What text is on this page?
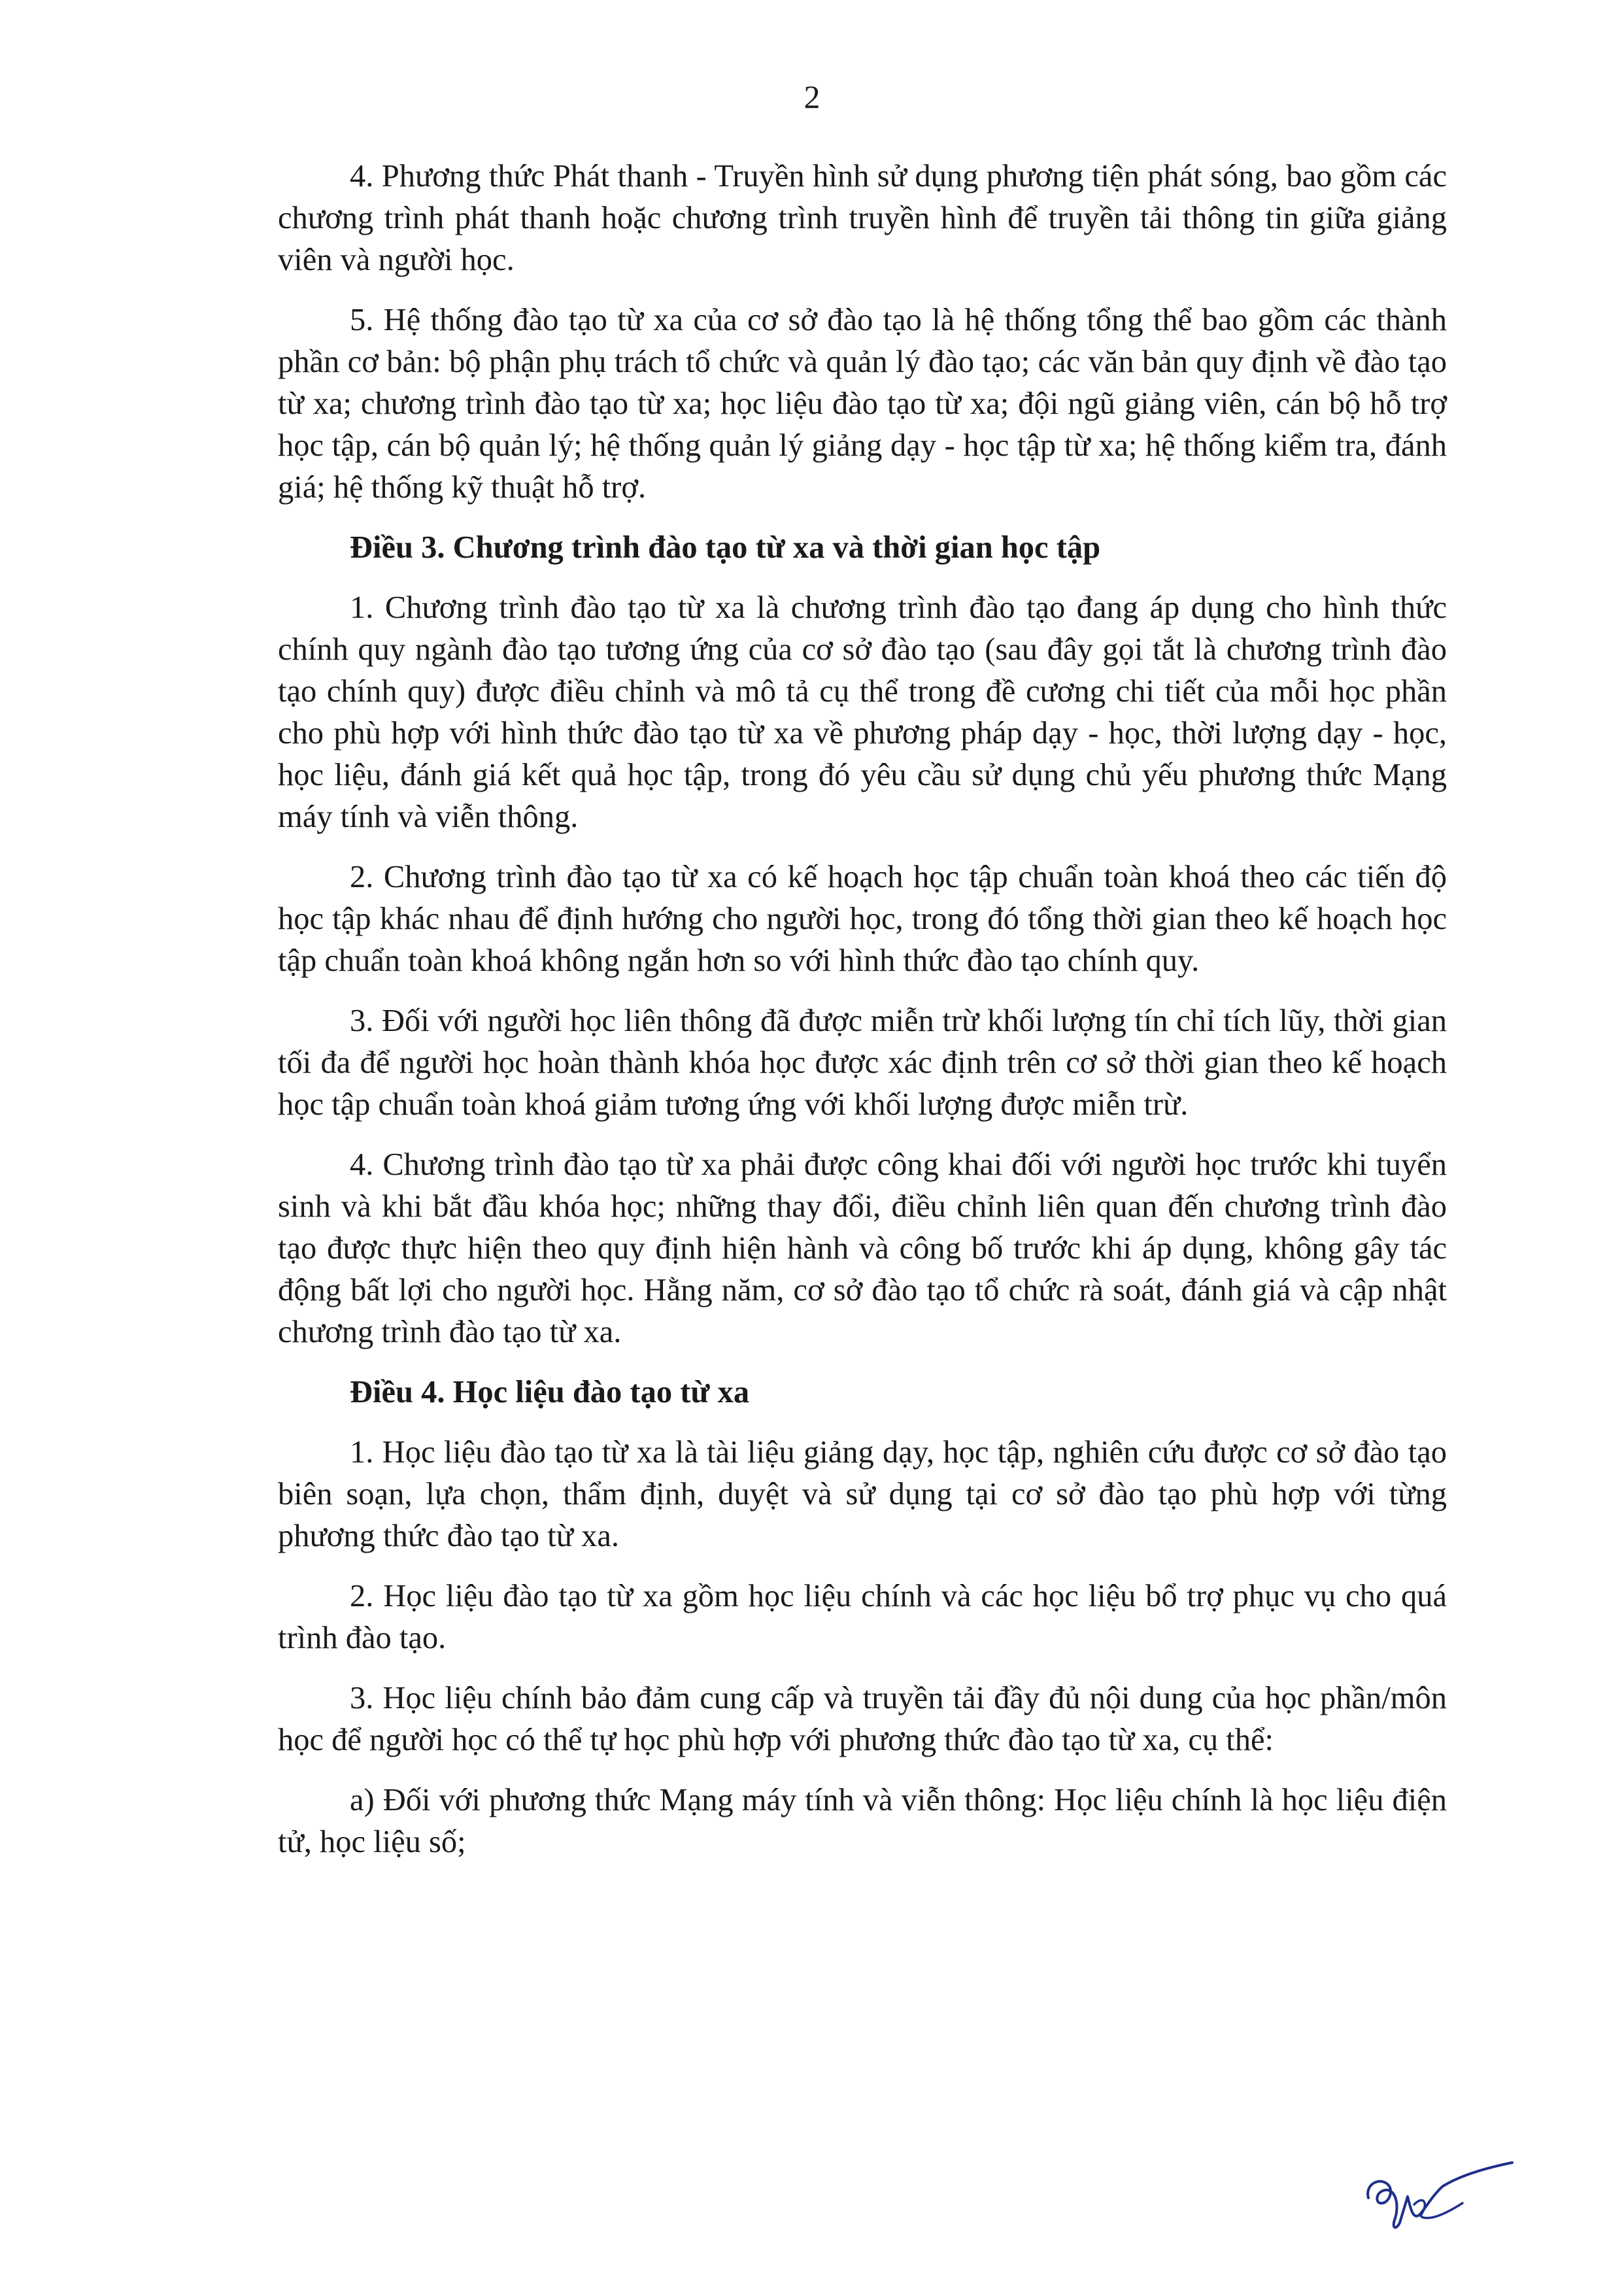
2

4. Phương thức Phát thanh - Truyền hình sử dụng phương tiện phát sóng, bao gồm các chương trình phát thanh hoặc chương trình truyền hình để truyền tải thông tin giữa giảng viên và người học.

5. Hệ thống đào tạo từ xa của cơ sở đào tạo là hệ thống tổng thể bao gồm các thành phần cơ bản: bộ phận phụ trách tổ chức và quản lý đào tạo; các văn bản quy định về đào tạo từ xa; chương trình đào tạo từ xa; học liệu đào tạo từ xa; đội ngũ giảng viên, cán bộ hỗ trợ học tập, cán bộ quản lý; hệ thống quản lý giảng dạy - học tập từ xa; hệ thống kiểm tra, đánh giá; hệ thống kỹ thuật hỗ trợ.

Điều 3. Chương trình đào tạo từ xa và thời gian học tập

1. Chương trình đào tạo từ xa là chương trình đào tạo đang áp dụng cho hình thức chính quy ngành đào tạo tương ứng của cơ sở đào tạo (sau đây gọi tắt là chương trình đào tạo chính quy) được điều chỉnh và mô tả cụ thể trong đề cương chi tiết của mỗi học phần cho phù hợp với hình thức đào tạo từ xa về phương pháp dạy - học, thời lượng dạy - học, học liệu, đánh giá kết quả học tập, trong đó yêu cầu sử dụng chủ yếu phương thức Mạng máy tính và viễn thông.

2. Chương trình đào tạo từ xa có kế hoạch học tập chuẩn toàn khoá theo các tiến độ học tập khác nhau để định hướng cho người học, trong đó tổng thời gian theo kế hoạch học tập chuẩn toàn khoá không ngắn hơn so với hình thức đào tạo chính quy.

3. Đối với người học liên thông đã được miễn trừ khối lượng tín chỉ tích lũy, thời gian tối đa để người học hoàn thành khóa học được xác định trên cơ sở thời gian theo kế hoạch học tập chuẩn toàn khoá giảm tương ứng với khối lượng được miễn trừ.

4. Chương trình đào tạo từ xa phải được công khai đối với người học trước khi tuyển sinh và khi bắt đầu khóa học; những thay đổi, điều chỉnh liên quan đến chương trình đào tạo được thực hiện theo quy định hiện hành và công bố trước khi áp dụng, không gây tác động bất lợi cho người học. Hằng năm, cơ sở đào tạo tổ chức rà soát, đánh giá và cập nhật chương trình đào tạo từ xa.

Điều 4. Học liệu đào tạo từ xa

1. Học liệu đào tạo từ xa là tài liệu giảng dạy, học tập, nghiên cứu được cơ sở đào tạo biên soạn, lựa chọn, thẩm định, duyệt và sử dụng tại cơ sở đào tạo phù hợp với từng phương thức đào tạo từ xa.

2. Học liệu đào tạo từ xa gồm học liệu chính và các học liệu bổ trợ phục vụ cho quá trình đào tạo.

3. Học liệu chính bảo đảm cung cấp và truyền tải đầy đủ nội dung của học phần/môn học để người học có thể tự học phù hợp với phương thức đào tạo từ xa, cụ thể:

a) Đối với phương thức Mạng máy tính và viễn thông: Học liệu chính là học liệu điện tử, học liệu số;
